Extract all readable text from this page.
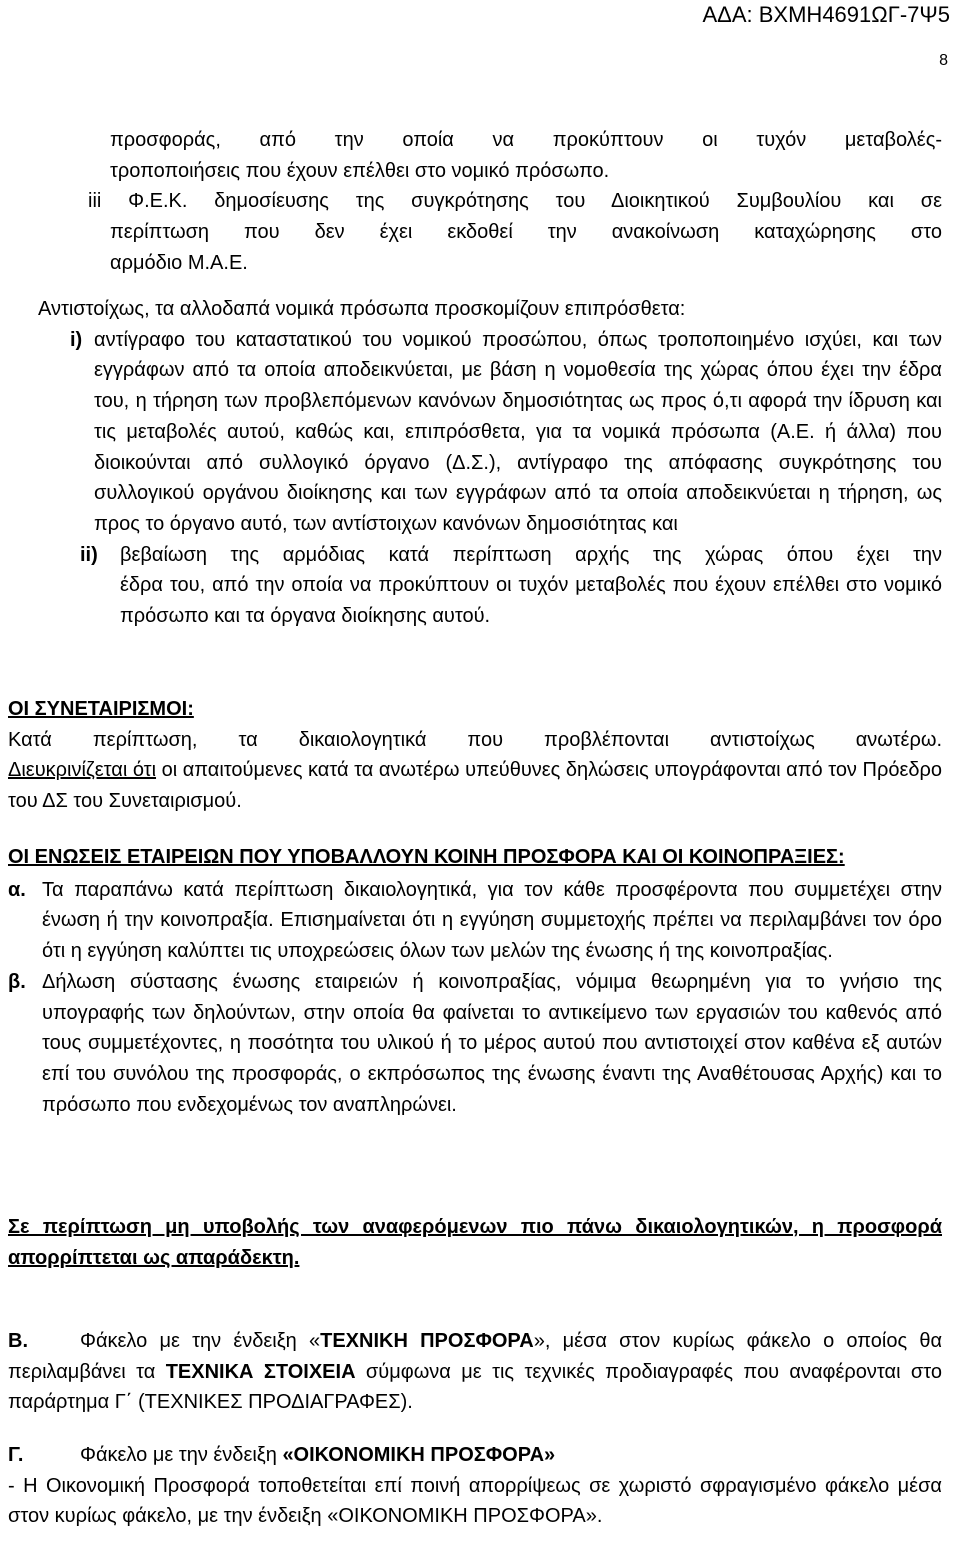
ΑΔΑ: ΒΧΜΗ4691ΩΓ-7Ψ5
8
προσφοράς, από την οποία να προκύπτουν οι τυχόν μεταβολές-
τροποποιήσεις που έχουν επέλθει στο νομικό πρόσωπο.
iii Φ.Ε.Κ. δημοσίευσης της συγκρότησης του Διοικητικού Συμβουλίου και σε
περίπτωση που δεν έχει εκδοθεί την ανακοίνωση καταχώρησης στο
αρμόδιο Μ.Α.Ε.
Αντιστοίχως, τα αλλοδαπά νομικά πρόσωπα προσκομίζουν επιπρόσθετα:
i) αντίγραφο του καταστατικού του νομικού προσώπου, όπως τροποποιημένο ισχύει, και των εγγράφων από τα οποία αποδεικνύεται, με βάση η νομοθεσία της χώρας όπου έχει την έδρα του, η τήρηση των προβλεπόμενων κανόνων δημοσιότητας ως προς ό,τι αφορά την ίδρυση και τις μεταβολές αυτού, καθώς και, επιπρόσθετα, για τα νομικά πρόσωπα (Α.Ε. ή άλλα) που διοικούνται από συλλογικό όργανο (Δ.Σ.), αντίγραφο της απόφασης συγκρότησης του συλλογικού οργάνου διοίκησης και των εγγράφων από τα οποία αποδεικνύεται η τήρηση, ως προς το όργανο αυτό, των αντίστοιχων κανόνων δημοσιότητας και
ii)	βεβαίωση της αρμόδιας κατά περίπτωση αρχής της χώρας όπου έχει την
έδρα του, από την οποία να προκύπτουν οι τυχόν μεταβολές που έχουν επέλθει στο νομικό πρόσωπο και τα όργανα διοίκησης αυτού.
ΟΙ ΣΥΝΕΤΑΙΡΙΣΜΟΙ:
Κατά περίπτωση, τα δικαιολογητικά που προβλέπονται αντιστοίχως ανωτέρω.
Διευκρινίζεται ότι οι απαιτούμενες κατά τα ανωτέρω υπεύθυνες δηλώσεις υπογράφονται από τον Πρόεδρο του ΔΣ του Συνεταιρισμού.
ΟΙ ΕΝΩΣΕΙΣ ΕΤΑΙΡΕΙΩΝ ΠΟΥ ΥΠΟΒΑΛΛΟΥΝ ΚΟΙΝΗ ΠΡΟΣΦΟΡΑ ΚΑΙ ΟΙ ΚΟΙΝΟΠΡΑΞΙΕΣ:
α. Τα παραπάνω κατά περίπτωση δικαιολογητικά, για τον κάθε προσφέροντα που συμμετέχει στην ένωση ή την κοινοπραξία. Επισημαίνεται ότι η εγγύηση συμμετοχής πρέπει να περιλαμβάνει τον όρο ότι η εγγύηση καλύπτει τις υποχρεώσεις όλων των μελών της ένωσης ή της κοινοπραξίας.
β. Δήλωση σύστασης ένωσης εταιρειών ή κοινοπραξίας, νόμιμα θεωρημένη για το γνήσιο της υπογραφής των δηλούντων, στην οποία θα φαίνεται το αντικείμενο των εργασιών του καθενός από τους συμμετέχοντες, η ποσότητα του υλικού ή το μέρος αυτού που αντιστοιχεί στον καθένα εξ αυτών επί του συνόλου της προσφοράς, ο εκπρόσωπος της ένωσης έναντι της Αναθέτουσας Αρχής) και το πρόσωπο που ενδεχομένως τον αναπληρώνει.
Σε περίπτωση μη υποβολής των αναφερόμενων πιο πάνω δικαιολογητικών, η προσφορά απορρίπτεται ως απαράδεκτη.
Β.	Φάκελο με την ένδειξη «ΤΕΧΝΙΚΗ ΠΡΟΣΦΟΡΑ», μέσα στον κυρίως φάκελο ο οποίος θα περιλαμβάνει τα ΤΕΧΝΙΚΑ ΣΤΟΙΧΕΙΑ σύμφωνα με τις τεχνικές προδιαγραφές που αναφέρονται στο παράρτημα Γ΄ (ΤΕΧΝΙΚΕΣ ΠΡΟΔΙΑΓΡΑΦΕΣ).
Γ.	Φάκελο με την ένδειξη «ΟΙΚΟΝΟΜΙΚΗ ΠΡΟΣΦΟΡΑ»
- Η Οικονομική Προσφορά τοποθετείται επί ποινή απορρίψεως σε χωριστό σφραγισμένο φάκελο μέσα στον κυρίως φάκελο, με την ένδειξη «ΟΙΚΟΝΟΜΙΚΗ ΠΡΟΣΦΟΡΑ».
